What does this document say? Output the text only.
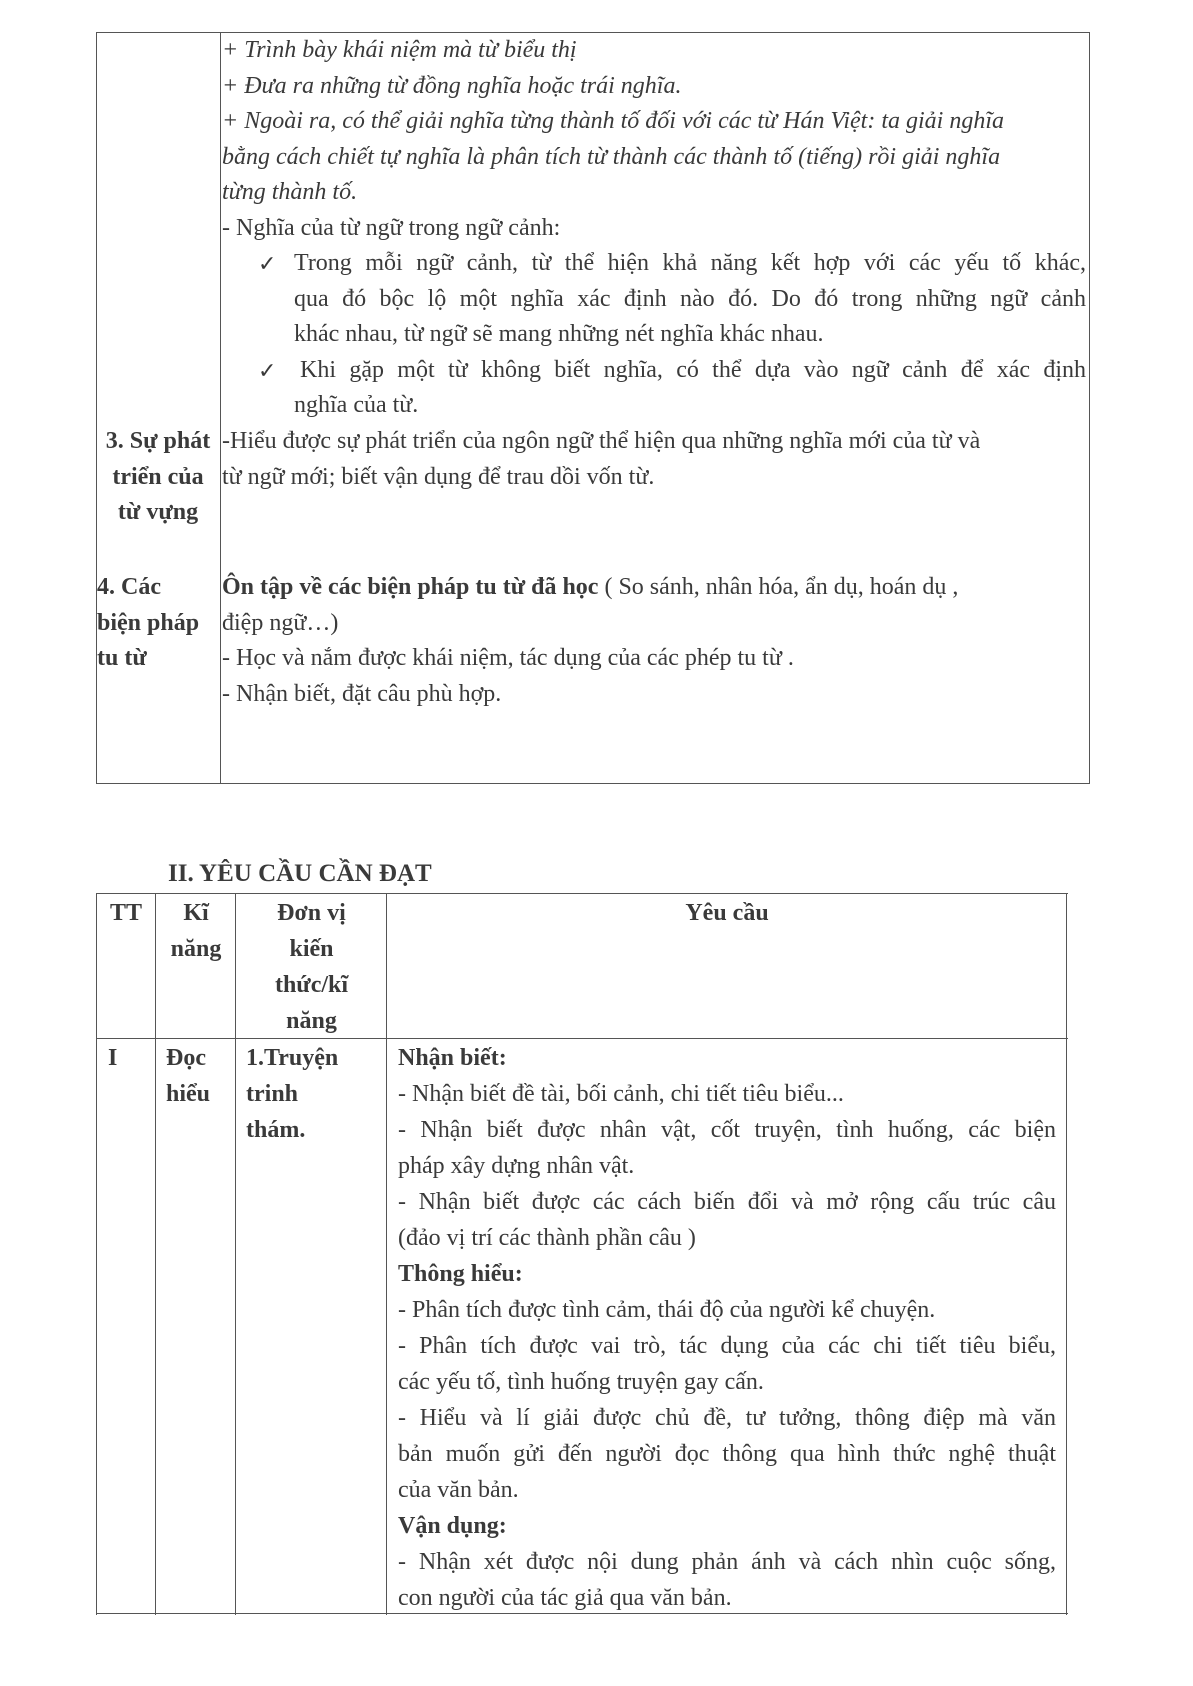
+ Trình bày khái niệm mà từ biểu thị
+ Đưa ra những từ đồng nghĩa hoặc trái nghĩa.
+ Ngoài ra, có thể giải nghĩa từng thành tố đối với các từ Hán Việt: ta giải nghĩa
bằng cách chiết tự nghĩa là phân tích từ thành các thành tố (tiếng) rồi giải nghĩa
từng thành tố.
- Nghĩa của từ ngữ trong ngữ cảnh:
✓ Trong mỗi ngữ cảnh, từ thể hiện khả năng kết hợp với các yếu tố khác,
qua đó bộc lộ một nghĩa xác định nào đó. Do đó trong những ngữ cảnh
khác nhau, từ ngữ sẽ mang những nét nghĩa khác nhau.
✓ Khi gặp một từ không biết nghĩa, có thể dựa vào ngữ cảnh để xác định
nghĩa của từ.
3. Sự phát
triển của
từ vựng
-Hiểu được sự phát triển của ngôn ngữ thể hiện qua những nghĩa mới của từ và
từ ngữ mới; biết vận dụng để trau dồi vốn từ.
4. Các
biện pháp
tu từ
Ôn tập về các biện pháp tu từ đã học ( So sánh, nhân hóa, ẩn dụ, hoán dụ ,
điệp ngữ…)
- Học và nắm được khái niệm, tác dụng của các phép tu từ .
- Nhận biết, đặt câu phù hợp.
II. YÊU CẦU CẦN ĐẠT
TT	Kĩ
năng
Đơn vị
kiến
thức/kĩ
năng
Yêu cầu
I Đọc
hiểu
1.Truyện
trinh
thám.
Nhận biết:
- Nhận biết đề tài, bối cảnh, chi tiết tiêu biểu...
- Nhận biết được nhân vật, cốt truyện, tình huống, các biện
pháp xây dựng nhân vật.
- Nhận biết được các cách biến đổi và mở rộng cấu trúc câu
(đảo vị trí các thành phần câu )
Thông hiểu:
- Phân tích được tình cảm, thái độ của người kể chuyện.
- Phân tích được vai trò, tác dụng của các chi tiết tiêu biểu,
các yếu tố, tình huống truyện gay cấn.
- Hiểu và lí giải được chủ đề, tư tưởng, thông điệp mà văn
bản muốn gửi đến người đọc thông qua hình thức nghệ thuật
của văn bản.
Vận dụng:
- Nhận xét được nội dung phản ánh và cách nhìn cuộc sống,
con người của tác giả qua văn bản.
